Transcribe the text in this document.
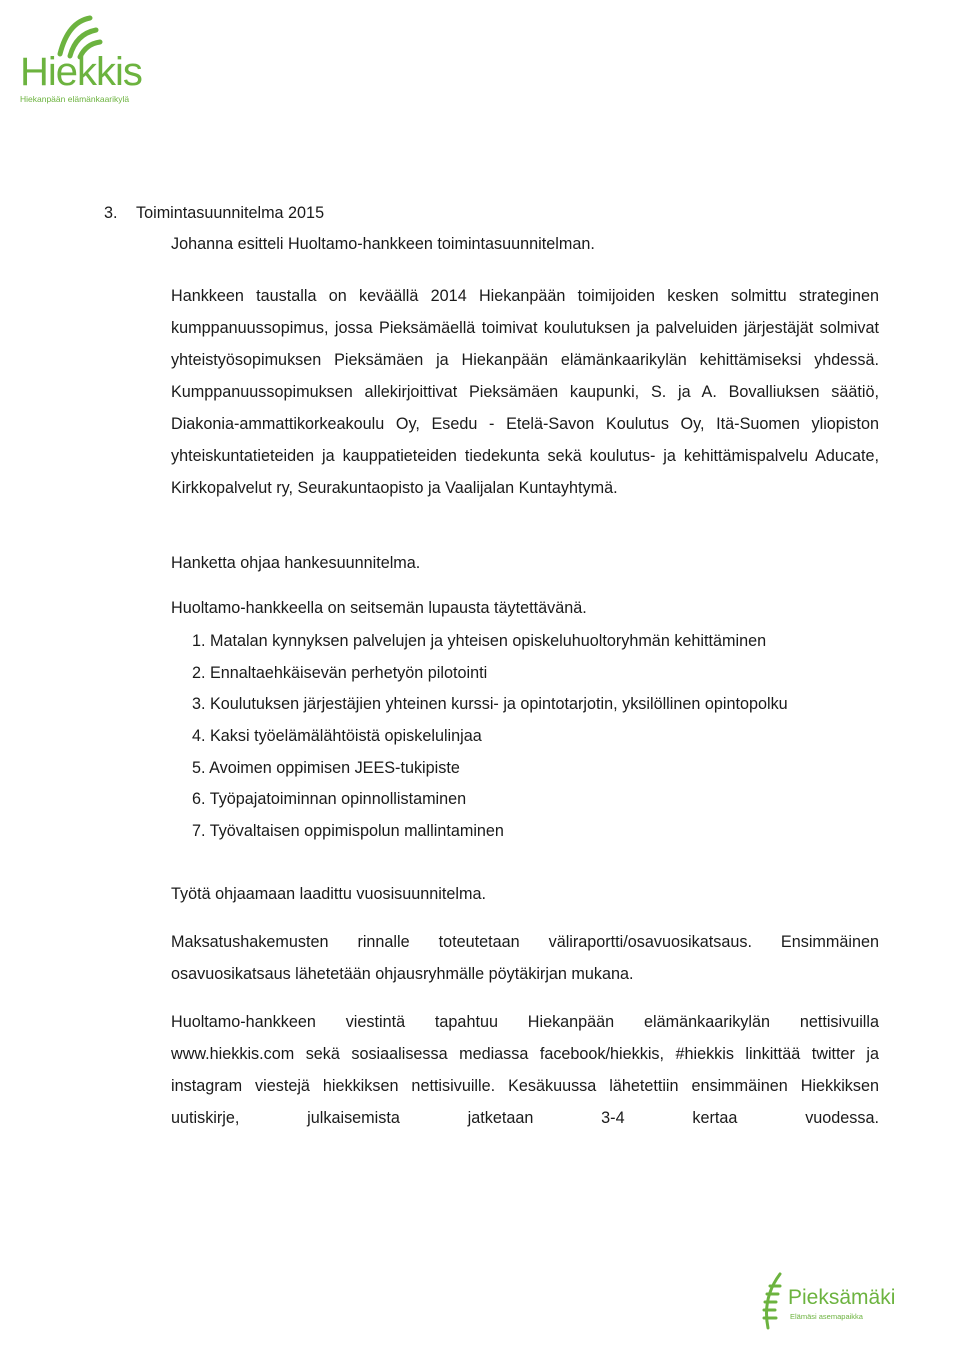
Hiekkis
Hiekanpään elämänkaarikylä
3. Toimintasuunnitelma 2015
Johanna esitteli Huoltamo-hankkeen toimintasuunnitelman.
Hankkeen taustalla on keväällä 2014 Hiekanpään toimijoiden kesken solmittu strateginen kumppanuussopimus, jossa Pieksämäellä toimivat koulutuksen ja palveluiden järjestäjät solmivat yhteistyösopimuksen Pieksämäen ja Hiekanpään elämänkaarikylän kehittämiseksi yhdessä. Kumppanuussopimuksen allekirjoittivat Pieksämäen kaupunki, S. ja A. Bovalliuksen säätiö, Diakonia-ammattikorkeakoulu Oy, Esedu - Etelä-Savon Koulutus Oy, Itä-Suomen yliopiston yhteiskuntatieteiden ja kauppatieteiden tiedekunta sekä koulutus- ja kehittämispalvelu Aducate, Kirkkopalvelut ry, Seurakuntaopisto ja Vaalijalan Kuntayhtymä.
Hanketta ohjaa hankesuunnitelma.
Huoltamo-hankkeella on seitsemän lupausta täytettävänä.
1. Matalan kynnyksen palvelujen ja yhteisen opiskeluhuoltoryhmän kehittäminen
2. Ennaltaehkäisevän perhetyön pilotointi
3. Koulutuksen järjestäjien yhteinen kurssi- ja opintotarjotin, yksilöllinen opintopolku
4. Kaksi työelämälähtöistä opiskelulinjaa
5. Avoimen oppimisen JEES-tukipiste
6. Työpajatoiminnan opinnollistaminen
7. Työvaltaisen oppimispolun mallintaminen
Työtä ohjaamaan laadittu vuosisuunnitelma.
Maksatushakemusten rinnalle toteutetaan väliraportti/osavuosikatsaus. Ensimmäinen osavuosikatsaus lähetetään ohjausryhmälle pöytäkirjan mukana.
Huoltamo-hankkeen viestintä tapahtuu Hiekanpään elämänkaarikylän nettisivuilla www.hiekkis.com sekä sosiaalisessa mediassa facebook/hiekkis, #hiekkis linkittää twitter ja instagram viestejä hiekkiksen nettisivuille. Kesäkuussa lähetettiin ensimmäinen Hiekkiksen uutiskirje, julkaisemista jatketaan 3-4 kertaa vuodessa.
Pieksämäki
Elämäsi asemapaikka
